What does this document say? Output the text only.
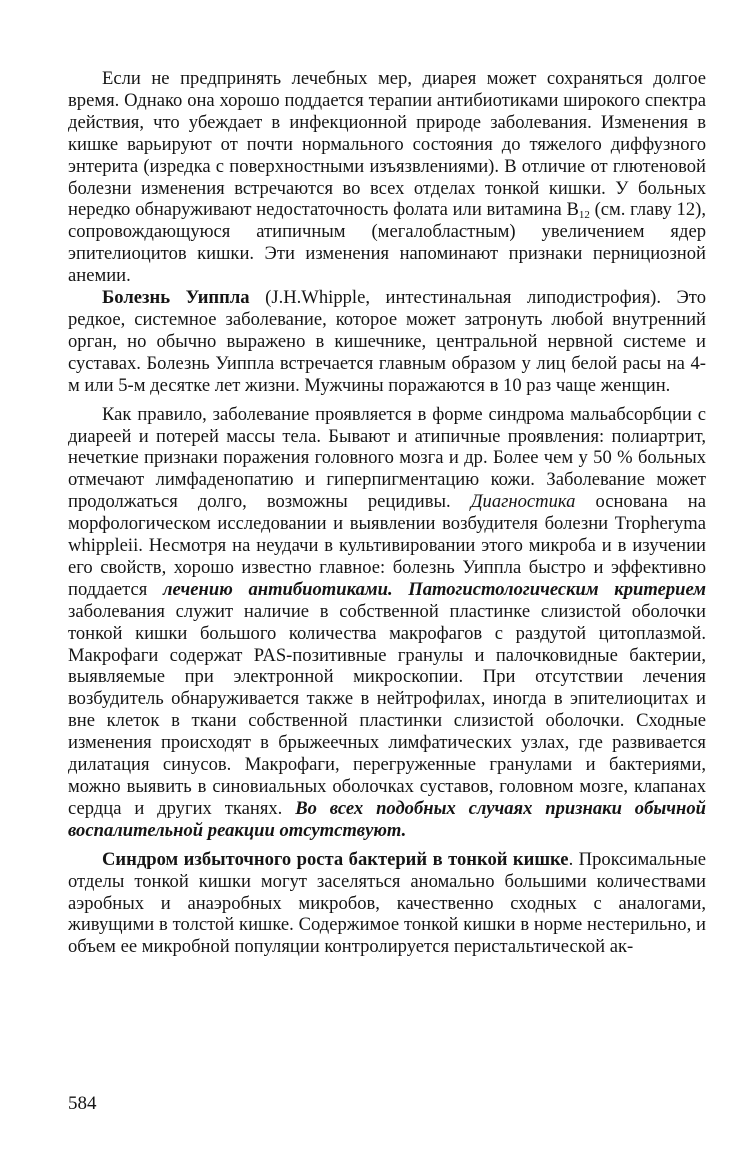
Если не предпринять лечебных мер, диарея может сохраняться долгое время. Однако она хорошо поддается терапии антибиотиками широкого спектра действия, что убеждает в инфекционной природе заболевания. Изменения в кишке варьируют от почти нормального состояния до тяжелого диффузного энтерита (изредка с поверхностными изъязвлениями). В отличие от глютеновой болезни изменения встречаются во всех отделах тонкой кишки. У больных нередко обнаруживают недостаточность фолата или витамина $B_{12}$ (см. главу 12), сопровождающуюся атипичным (мегалобластным) увеличением ядер эпителиоцитов кишки. Эти изменения напоминают признаки пернициозной анемии.

Болезнь Уиппла (J.H.Whipple, интестинальная липодистрофия). Это редкое, системное заболевание, которое может затронуть любой внутренний орган, но обычно выражено в кишечнике, центральной нервной системе и суставах. Болезнь Уиппла встречается главным образом у лиц белой расы на 4-м или 5-м десятке лет жизни. Мужчины поражаются в 10 раз чаще женщин.

Как правило, заболевание проявляется в форме синдрома мальабсорбции с диареей и потерей массы тела. Бывают и атипичные проявления: полиартрит, нечеткие признаки поражения головного мозга и др. Более чем у 50 % больных отмечают лимфаденопатию и гиперпигментацию кожи. Заболевание может продолжаться долго, возможны рецидивы. Диагностика основана на морфологическом исследовании и выявлении возбудителя болезни Tropheryma whippleii. Несмотря на неудачи в культивировании этого микроба и в изучении его свойств, хорошо известно главное: болезнь Уиппла быстро и эффективно поддается лечению антибиотиками. Патогистологическим критерием заболевания служит наличие в собственной пластинке слизистой оболочки тонкой кишки большого количества макрофагов с раздутой цитоплазмой. Макрофаги содержат PAS-позитивные гранулы и палочковидные бактерии, выявляемые при электронной микроскопии. При отсутствии лечения возбудитель обнаруживается также в нейтрофилах, иногда в эпителиоцитах и вне клеток в ткани собственной пластинки слизистой оболочки. Сходные изменения происходят в брыжеечных лимфатических узлах, где развивается дилатация синусов. Макрофаги, перегруженные гранулами и бактериями, можно выявить в синовиальных оболочках суставов, головном мозге, клапанах сердца и других тканях. Во всех подобных случаях признаки обычной воспалительной реакции отсутствуют.

Синдром избыточного роста бактерий в тонкой кишке. Проксимальные отделы тонкой кишки могут заселяться аномально большими количествами аэробных и анаэробных микробов, качественно сходных с аналогами, живущими в толстой кишке. Содержимое тонкой кишки в норме нестерильно, и объем ее микробной популяции контролируется перистальтической ак-

584
